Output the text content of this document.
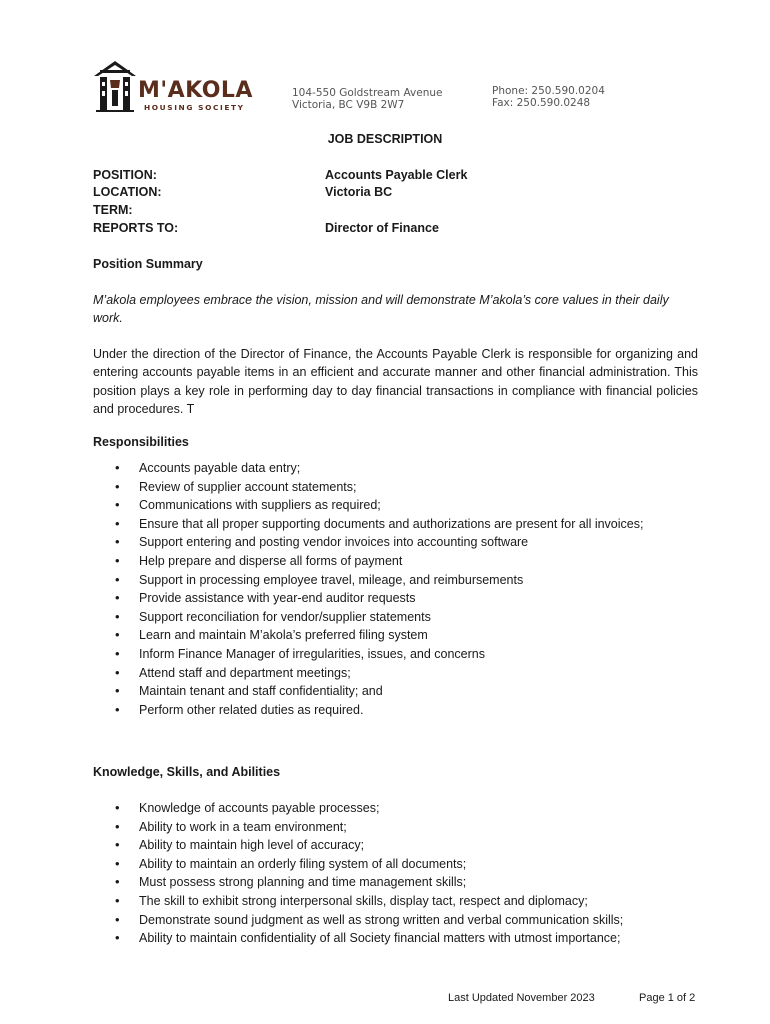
M'AKOLA
HOUSING SOCIETY
104-550 Goldstream Avenue
Victoria, BC V9B 2W7
Phone: 250.590.0204
Fax: 250.590.0248
JOB DESCRIPTION
POSITION:	Accounts Payable Clerk
LOCATION:	Victoria BC
TERM:
REPORTS TO:	Director of Finance
Position Summary
M’akola employees embrace the vision, mission and will demonstrate M’akola’s core values in their daily work.
Under the direction of the Director of Finance, the Accounts Payable Clerk is responsible for organizing and entering accounts payable items in an efficient and accurate manner and other financial administration. This position plays a key role in performing day to day financial transactions in compliance with financial policies and procedures. T
Responsibilities
• Accounts payable data entry;
• Review of supplier account statements;
• Communications with suppliers as required;
• Ensure that all proper supporting documents and authorizations are present for all invoices;
• Support entering and posting vendor invoices into accounting software
• Help prepare and disperse all forms of payment
• Support in processing employee travel, mileage, and reimbursements
• Provide assistance with year-end auditor requests
• Support reconciliation for vendor/supplier statements
• Learn and maintain M’akola’s preferred filing system
• Inform Finance Manager of irregularities, issues, and concerns
• Attend staff and department meetings;
• Maintain tenant and staff confidentiality; and
• Perform other related duties as required.
Knowledge, Skills, and Abilities
• Knowledge of accounts payable processes;
• Ability to work in a team environment;
• Ability to maintain high level of accuracy;
• Ability to maintain an orderly filing system of all documents;
• Must possess strong planning and time management skills;
• The skill to exhibit strong interpersonal skills, display tact, respect and diplomacy;
• Demonstrate sound judgment as well as strong written and verbal communication skills;
• Ability to maintain confidentiality of all Society financial matters with utmost importance;
Last Updated November 2023	Page 1 of 2
